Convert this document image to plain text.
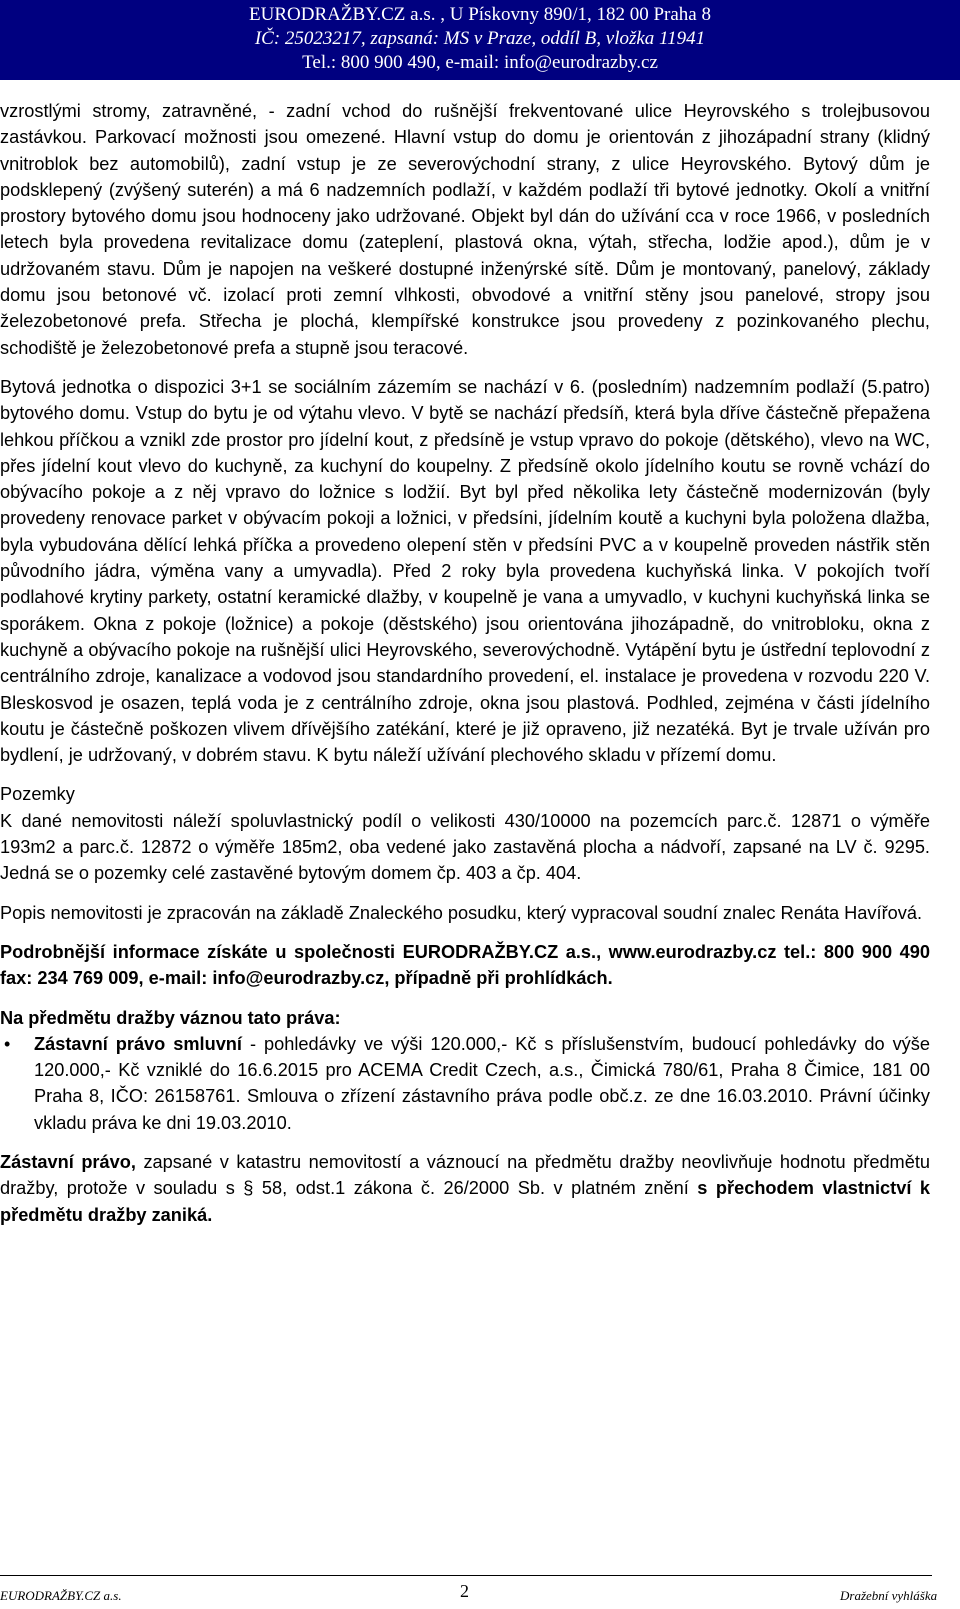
EURODRAŽBY.CZ a.s. , U Pískovny 890/1, 182 00 Praha 8
IČ: 25023217, zapsaná: MS v Praze, oddíl B, vložka 11941
Tel.: 800 900 490, e-mail: info@eurodrazby.cz

vzrostlými stromy, zatravněné, - zadní vchod do rušnější frekventované ulice Heyrovského s trolejbusovou zastávkou. Parkovací možnosti jsou omezené. Hlavní vstup do domu je orientován z jihozápadní strany (klidný vnitroblok bez automobilů), zadní vstup je ze severovýchodní strany, z ulice Heyrovského. Bytový dům je podsklepený (zvýšený suterén) a má 6 nadzemních podlaží, v každém podlaží tři bytové jednotky. Okolí a vnitřní prostory bytového domu jsou hodnoceny jako udržované. Objekt byl dán do užívání cca v roce 1966, v posledních letech byla provedena revitalizace domu (zateplení, plastová okna, výtah, střecha, lodžie apod.), dům je v udržovaném stavu. Dům je napojen na veškeré dostupné inženýrské sítě. Dům je montovaný, panelový, základy domu jsou betonové vč. izolací proti zemní vlhkosti, obvodové a vnitřní stěny jsou panelové, stropy jsou železobetonové prefa. Střecha je plochá, klempířské konstrukce jsou provedeny z pozinkovaného plechu, schodiště je železobetonové prefa a stupně jsou teracové.

Bytová jednotka o dispozici 3+1 se sociálním zázemím se nachází v 6. (posledním) nadzemním podlaží (5.patro) bytového domu. Vstup do bytu je od výtahu vlevo. V bytě se nachází předsíň, která byla dříve částečně přepažena lehkou příčkou a vznikl zde prostor pro jídelní kout, z předsíně je vstup vpravo do pokoje (dětského), vlevo na WC, přes jídelní kout vlevo do kuchyně, za kuchyní do koupelny. Z předsíně okolo jídelního koutu se rovně vchází do obývacího pokoje a z něj vpravo do ložnice s lodžií. Byt byl před několika lety částečně modernizován (byly provedeny renovace parket v obývacím pokoji a ložnici, v předsíni, jídelním koutě a kuchyni byla položena dlažba, byla vybudována dělící lehká příčka a provedeno olepení stěn v předsíni PVC a v koupelně proveden nástřik stěn původního jádra, výměna vany a umyvadla). Před 2 roky byla provedena kuchyňská linka. V pokojích tvoří podlahové krytiny parkety, ostatní keramické dlažby, v koupelně je vana a umyvadlo, v kuchyni kuchyňská linka se sporákem. Okna z pokoje (ložnice) a pokoje (děstského) jsou orientována jihozápadně, do vnitrobloku, okna z kuchyně a obývacího pokoje na rušnější ulici Heyrovského, severovýchodně. Vytápění bytu je ústřední teplovodní z centrálního zdroje, kanalizace a vodovod jsou standardního provedení, el. instalace je provedena v rozvodu 220 V. Bleskosvod je osazen, teplá voda je z centrálního zdroje, okna jsou plastová. Podhled, zejména v části jídelního koutu je částečně poškozen vlivem dřívějšího zatékání, které je již opraveno, již nezatéká. Byt je trvale užíván pro bydlení, je udržovaný, v dobrém stavu. K bytu náleží užívání plechového skladu v přízemí domu.

Pozemky

K dané nemovitosti náleží spoluvlastnický podíl o velikosti 430/10000 na pozemcích parc.č. 12871 o výměře 193m2 a parc.č. 12872 o výměře 185m2, oba vedené jako zastavěná plocha a nádvoří, zapsané na LV č. 9295. Jedná se o pozemky celé zastavěné bytovým domem čp. 403 a čp. 404.

Popis nemovitosti je zpracován na základě Znaleckého posudku, který vypracoval soudní znalec Renáta Havířová.

Podrobnější informace získáte u společnosti EURODRAŽBY.CZ a.s., www.eurodrazby.cz tel.: 800 900 490 fax: 234 769 009, e-mail: info@eurodrazby.cz, případně při prohlídkách.

Na předmětu dražby váznou tato práva:

•	Zástavní právo smluvní - pohledávky ve výši 120.000,- Kč s příslušenstvím, budoucí pohledávky do výše 120.000,- Kč vzniklé do 16.6.2015 pro ACEMA Credit Czech, a.s., Čimická 780/61, Praha 8 Čimice, 181 00 Praha 8, IČO: 26158761. Smlouva o zřízení zástavního práva podle obč.z. ze dne 16.03.2010. Právní účinky vkladu práva ke dni 19.03.2010.

Zástavní právo, zapsané v katastru nemovitostí a váznoucí na předmětu dražby neovlivňuje hodnotu předmětu dražby, protože v souladu s § 58, odst.1 zákona č. 26/2000 Sb. v platném znění s přechodem vlastnictví k předmětu dražby zaniká.

EURODRAŽBY.CZ a.s.	2	Dražební vyhláška
